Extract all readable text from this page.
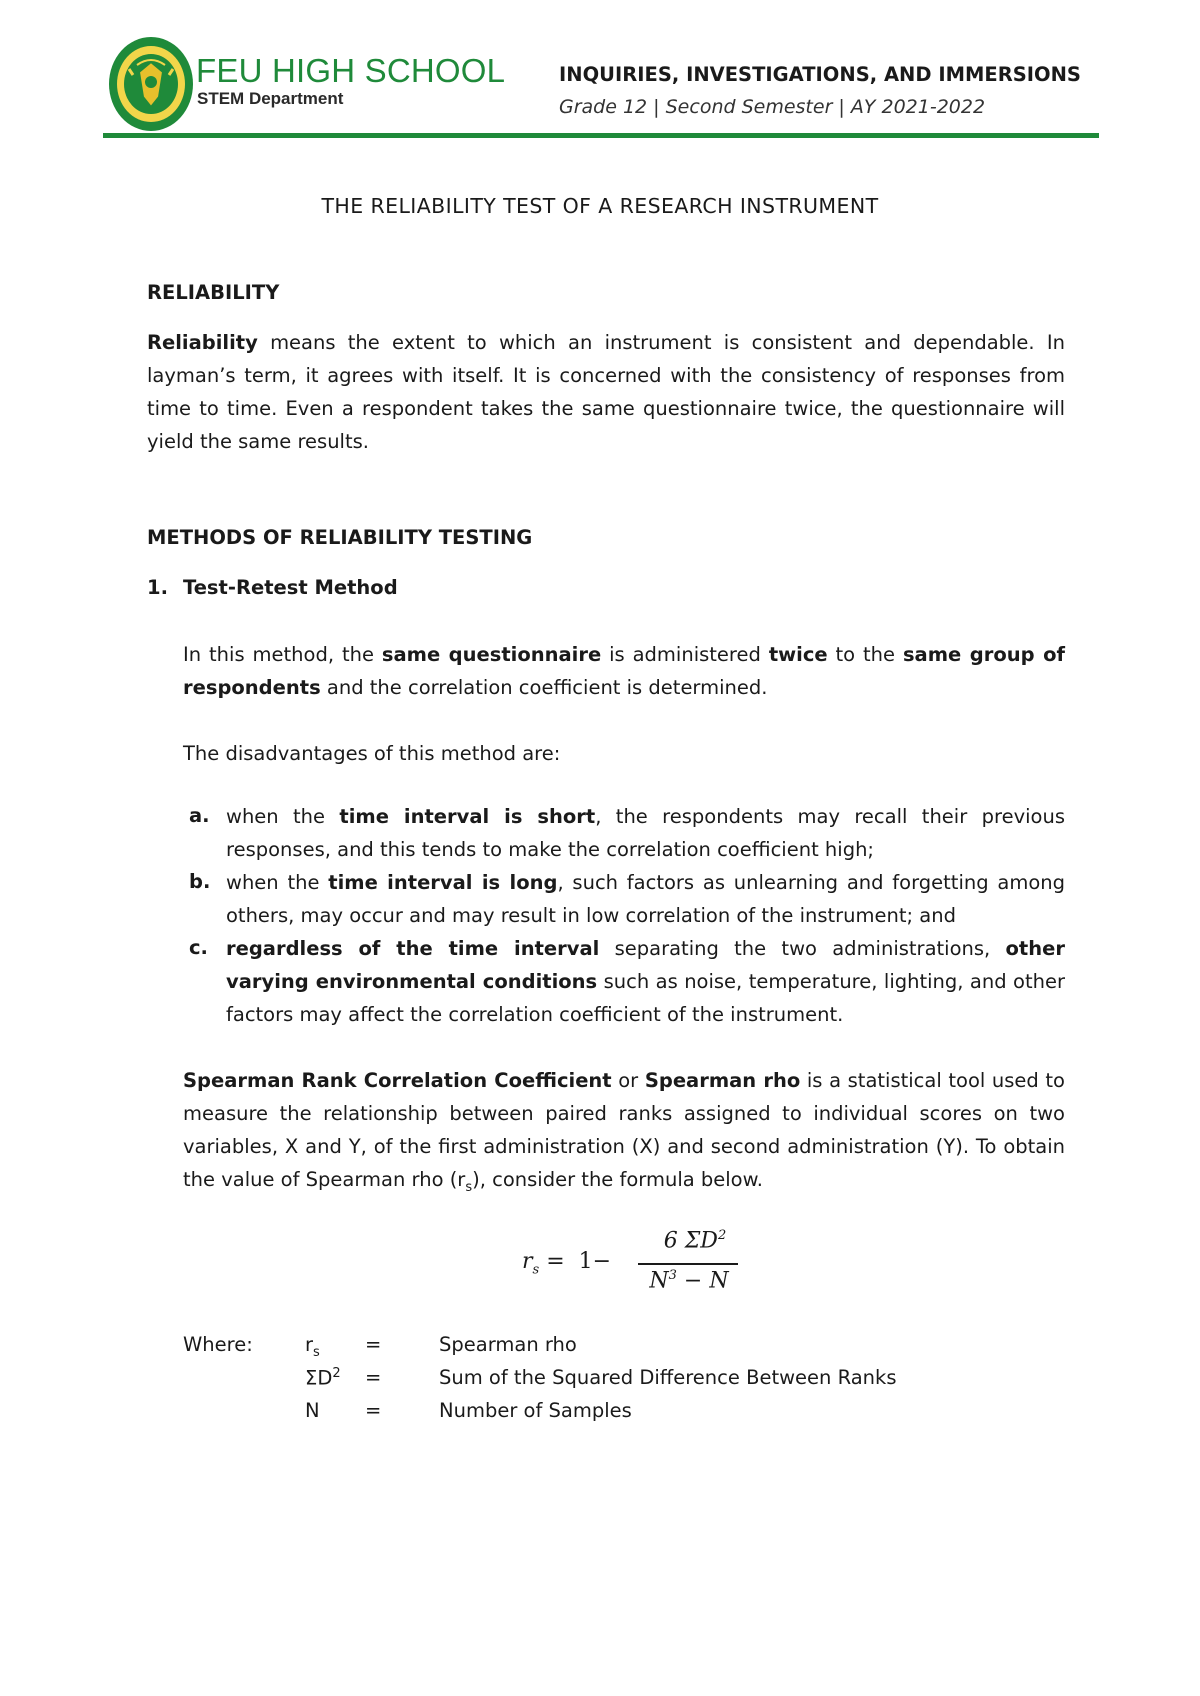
FEU HIGH SCHOOL
STEM Department
INQUIRIES, INVESTIGATIONS, AND IMMERSIONS
Grade 12 | Second Semester | AY 2021-2022
THE RELIABILITY TEST OF A RESEARCH INSTRUMENT
RELIABILITY
Reliability means the extent to which an instrument is consistent and dependable. In layman’s term, it agrees with itself. It is concerned with the consistency of responses from time to time. Even a respondent takes the same questionnaire twice, the questionnaire will yield the same results.
METHODS OF RELIABILITY TESTING
1. Test-Retest Method
In this method, the same questionnaire is administered twice to the same group of respondents and the correlation coefficient is determined.
The disadvantages of this method are:
a. when the time interval is short, the respondents may recall their previous responses, and this tends to make the correlation coefficient high;
b. when the time interval is long, such factors as unlearning and forgetting among others, may occur and may result in low correlation of the instrument; and
c. regardless of the time interval separating the two administrations, other varying environmental conditions such as noise, temperature, lighting, and other factors may affect the correlation coefficient of the instrument.
Spearman Rank Correlation Coefficient or Spearman rho is a statistical tool used to measure the relationship between paired ranks assigned to individual scores on two variables, X and Y, of the first administration (X) and second administration (Y). To obtain the value of Spearman rho $(r_s)$, consider the formula below.
$r_s = 1-$
6 $\Sigma D^2$
$N^3 - N$
Where:	$r_s$ =	Spearman rho
$\Sigma D^2$ =	Sum of the Squared Difference Between Ranks
N =	Number of Samples
